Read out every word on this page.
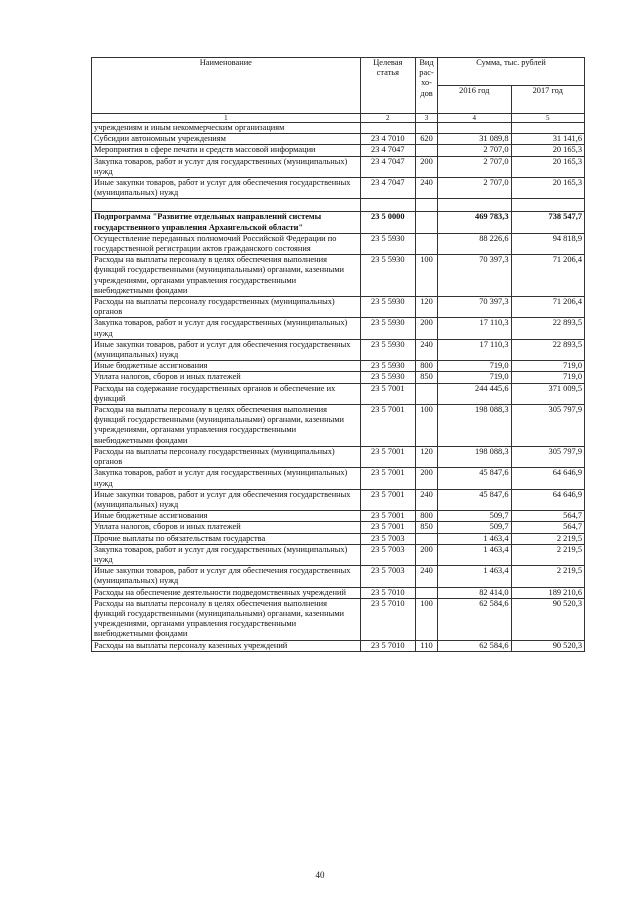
Наименование	Целевая статья	Вид рас-хо-дов	Сумма, тыс. рублей	
			2016 год	2017 год
1	2	3	4	5
учреждениям и иным некоммерческим организациям				
Субсидии автономным учреждениям	23 4 7010	620	31 089,8	31 141,6
Мероприятия в сфере печати и средств массовой информации	23 4 7047		2 707,0	20 165,3
Закупка товаров, работ и услуг для государственных (муниципальных) нужд	23 4 7047	200	2 707,0	20 165,3
Иные закупки товаров, работ и услуг для обеспечения государственных (муниципальных) нужд	23 4 7047	240	2 707,0	20 165,3

Подпрограмма "Развитие отдельных направлений системы государственного управления Архангельской области"	23 5 0000		469 783,3	738 547,7
Осуществление переданных полномочий Российской Федерации по государственной регистрации актов гражданского состояния	23 5 5930		88 226,6	94 818,9
Расходы на выплаты персоналу в целях обеспечения выполнения функций государственными (муниципальными) органами, казенными учреждениями, органами управления государственными внебюджетными фондами	23 5 5930	100	70 397,3	71 206,4
Расходы на выплаты персоналу государственных (муниципальных) органов	23 5 5930	120	70 397,3	71 206,4
Закупка товаров, работ и услуг для государственных (муниципальных) нужд	23 5 5930	200	17 110,3	22 893,5
Иные закупки товаров, работ и услуг для обеспечения государственных (муниципальных) нужд	23 5 5930	240	17 110,3	22 893,5
Иные бюджетные ассигнования	23 5 5930	800	719,0	719,0
Уплата налогов, сборов и иных платежей	23 5 5930	850	719,0	719,0
Расходы на содержание государственных органов и обеспечение их функций	23 5 7001		244 445,6	371 009,5
Расходы на выплаты персоналу в целях обеспечения выполнения функций государственными (муниципальными) органами, казенными учреждениями, органами управления государственными внебюджетными фондами	23 5 7001	100	198 088,3	305 797,9
Расходы на выплаты персоналу государственных (муниципальных) органов	23 5 7001	120	198 088,3	305 797,9
Закупка товаров, работ и услуг для государственных (муниципальных) нужд	23 5 7001	200	45 847,6	64 646,9
Иные закупки товаров, работ и услуг для обеспечения государственных (муниципальных) нужд	23 5 7001	240	45 847,6	64 646,9
Иные бюджетные ассигнования	23 5 7001	800	509,7	564,7
Уплата налогов, сборов и иных платежей	23 5 7001	850	509,7	564,7
Прочие выплаты по обязательствам государства	23 5 7003		1 463,4	2 219,5
Закупка товаров, работ и услуг для государственных (муниципальных) нужд	23 5 7003	200	1 463,4	2 219,5
Иные закупки товаров, работ и услуг для обеспечения государственных (муниципальных) нужд	23 5 7003	240	1 463,4	2 219,5
Расходы на обеспечение деятельности подведомственных учреждений	23 5 7010		82 414,0	189 210,6
Расходы на выплаты персоналу в целях обеспечения выполнения функций государственными (муниципальными) органами, казенными учреждениями, органами управления государственными внебюджетными фондами	23 5 7010	100	62 584,6	90 520,3
Расходы на выплаты персоналу казенных учреждений	23 5 7010	110	62 584,6	90 520,3
40
